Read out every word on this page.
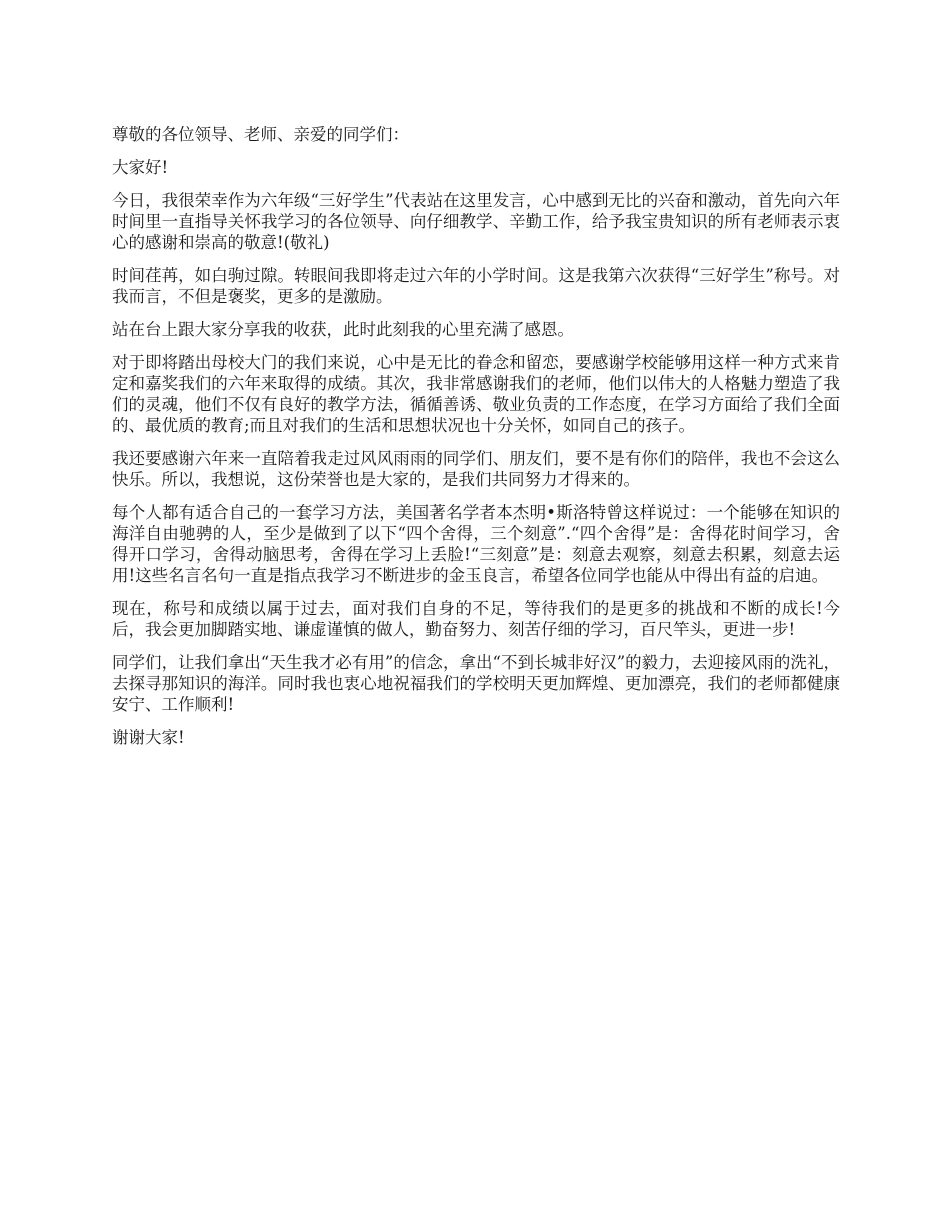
尊敬的各位领导、老师、亲爱的同学们：

大家好!

今日，我很荣幸作为六年级“三好学生”代表站在这里发言，心中感到无比的兴奋和激动，首先向六年时间里一直指导关怀我学习的各位领导、向仔细教学、辛勤工作，给予我宝贵知识的所有老师表示衷心的感谢和崇高的敬意!(敬礼)

时间荏苒，如白驹过隙。转眼间我即将走过六年的小学时间。这是我第六次获得“三好学生”称号。对我而言，不但是褒奖，更多的是激励。

站在台上跟大家分享我的收获，此时此刻我的心里充满了感恩。

对于即将踏出母校大门的我们来说，心中是无比的眷念和留恋，要感谢学校能够用这样一种方式来肯定和嘉奖我们的六年来取得的成绩。其次，我非常感谢我们的老师，他们以伟大的人格魅力塑造了我们的灵魂，他们不仅有良好的教学方法，循循善诱、敬业负责的工作态度，在学习方面给了我们全面的、最优质的教育;而且对我们的生活和思想状况也十分关怀，如同自己的孩子。

我还要感谢六年来一直陪着我走过风风雨雨的同学们、朋友们，要不是有你们的陪伴，我也不会这么快乐。所以，我想说，这份荣誉也是大家的，是我们共同努力才得来的。

每个人都有适合自己的一套学习方法，美国著名学者本杰明•斯洛特曾这样说过：一个能够在知识的海洋自由驰骋的人，至少是做到了以下“四个舍得，三个刻意”.“四个舍得”是：舍得花时间学习，舍得开口学习，舍得动脑思考，舍得在学习上丢脸!“三刻意”是：刻意去观察，刻意去积累，刻意去运用!这些名言名句一直是指点我学习不断进步的金玉良言，希望各位同学也能从中得出有益的启迪。

现在，称号和成绩以属于过去，面对我们自身的不足，等待我们的是更多的挑战和不断的成长!今后，我会更加脚踏实地、谦虚谨慎的做人，勤奋努力、刻苦仔细的学习，百尺竿头，更进一步!

同学们，让我们拿出“天生我才必有用”的信念，拿出“不到长城非好汉”的毅力，去迎接风雨的洗礼，去探寻那知识的海洋。同时我也衷心地祝福我们的学校明天更加辉煌、更加漂亮，我们的老师都健康安宁、工作顺利!

谢谢大家!
